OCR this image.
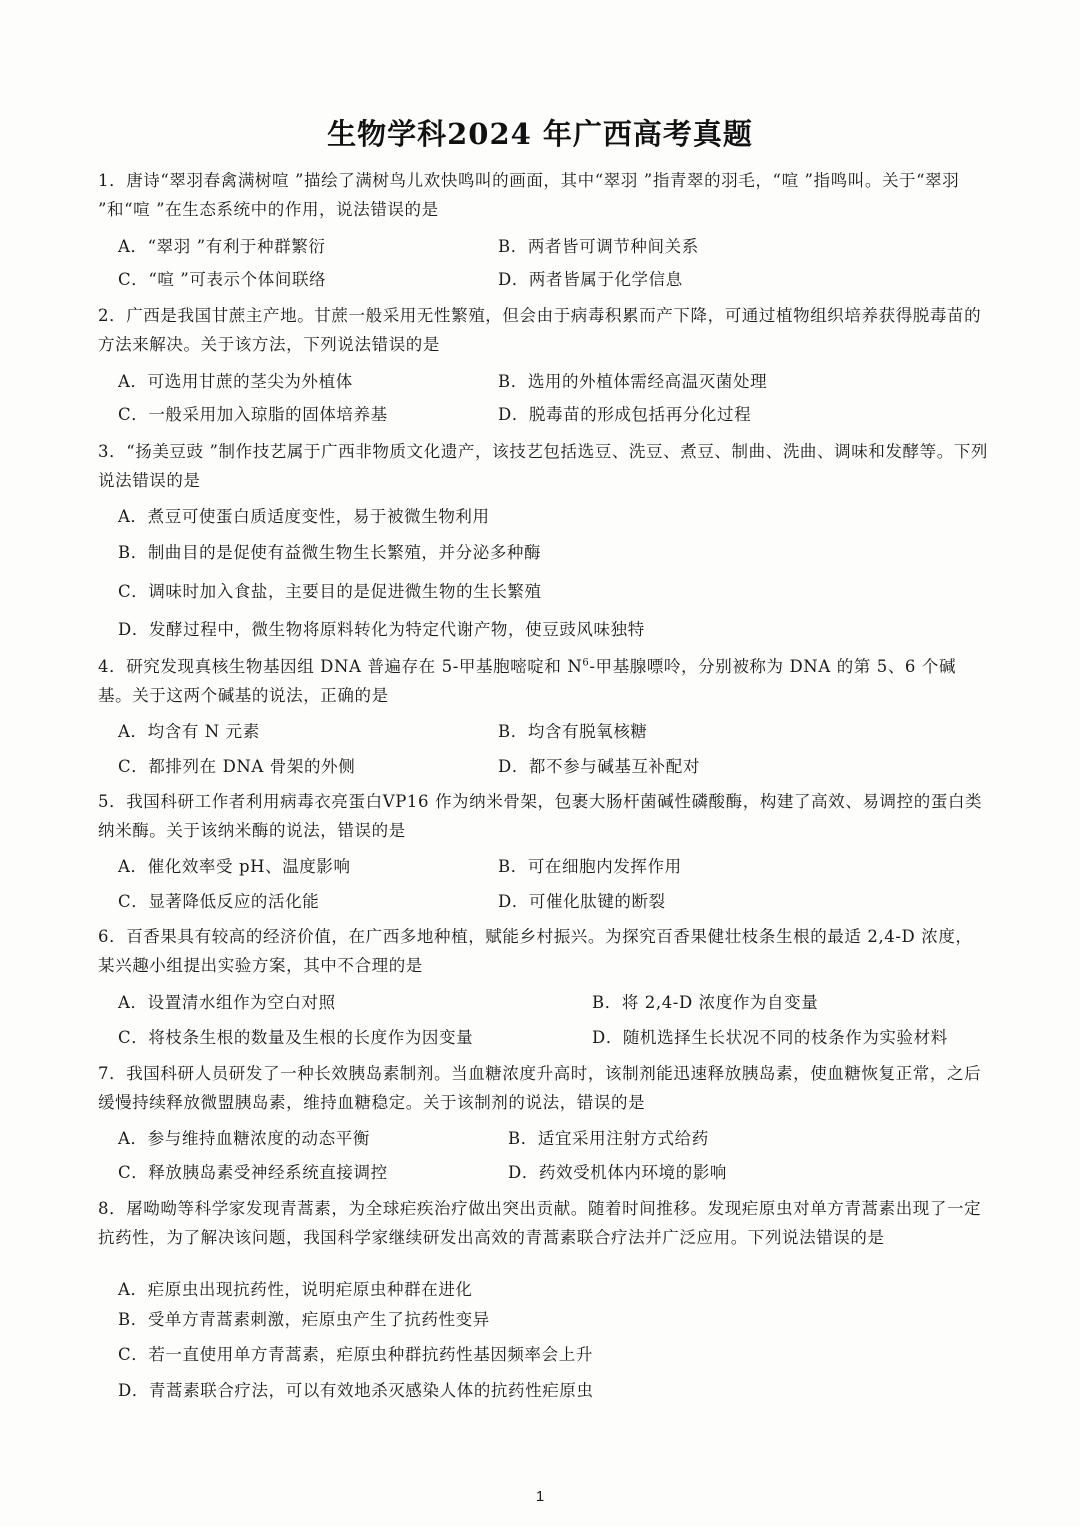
生物学科2024 年广西高考真题
1．唐诗“翠羽春禽满树喧 ”描绘了满树鸟儿欢快鸣叫的画面，其中“翠羽 ”指青翠的羽毛，“喧 ”指鸣叫。关于“翠羽 ”和“喧 ”在生态系统中的作用，说法错误的是
A．“翠羽 ”有利于种群繁衍	B．两者皆可调节种间关系
C．“喧 ”可表示个体间联络	D．两者皆属于化学信息
2．广西是我国甘蔗主产地。甘蔗一般采用无性繁殖，但会由于病毒积累而产下降，可通过植物组织培养获得脱毒苗的方法来解决。关于该方法，下列说法错误的是
A．可选用甘蔗的茎尖为外植体	B．选用的外植体需经高温灭菌处理
C．一般采用加入琼脂的固体培养基	D．脱毒苗的形成包括再分化过程
3．“扬美豆豉 ”制作技艺属于广西非物质文化遗产，该技艺包括选豆、洗豆、煮豆、制曲、洗曲、调味和发酵等。下列说法错误的是
A．煮豆可使蛋白质适度变性，易于被微生物利用
B．制曲目的是促使有益微生物生长繁殖，并分泌多种酶
C．调味时加入食盐，主要目的是促进微生物的生长繁殖
D．发酵过程中，微生物将原料转化为特定代谢产物，使豆豉风味独特
4．研究发现真核生物基因组 DNA 普遍存在 5-甲基胞嘧啶和 $N^6-$甲基腺嘌呤，分别被称为 DNA 的第 5、6 个碱基。关于这两个碱基的说法，正确的是
A．均含有 N 元素	B．均含有脱氧核糖
C．都排列在 DNA 骨架的外侧	D．都不参与碱基互补配对
5．我国科研工作者利用病毒衣亮蛋白VP16 作为纳米骨架，包裹大肠杆菌碱性磷酸酶，构建了高效、易调控的蛋白类纳米酶。关于该纳米酶的说法，错误的是
A．催化效率受 pH、温度影响	B．可在细胞内发挥作用
C．显著降低反应的活化能	D．可催化肽键的断裂
6．百香果具有较高的经济价值，在广西多地种植，赋能乡村振兴。为探究百香果健壮枝条生根的最适 2,4-D 浓度，某兴趣小组提出实验方案，其中不合理的是
A．设置清水组作为空白对照	B．将 2,4-D 浓度作为自变量
C．将枝条生根的数量及生根的长度作为因变量	D．随机选择生长状况不同的枝条作为实验材料
7．我国科研人员研发了一种长效胰岛素制剂。当血糖浓度升高时，该制剂能迅速释放胰岛素，使血糖恢复正常，之后缓慢持续释放微盟胰岛素，维持血糖稳定。关于该制剂的说法，错误的是
A．参与维持血糖浓度的动态平衡	B．适宜采用注射方式给药
C．释放胰岛素受神经系统直接调控	D．药效受机体内环境的影响
8．屠呦呦等科学家发现青蒿素，为全球疟疾治疗做出突出贡献。随着时间推移。发现疟原虫对单方青蒿素出现了一定抗药性，为了解决该问题，我国科学家继续研发出高效的青蒿素联合疗法并广泛应用。下列说法错误的是
A．疟原虫出现抗药性，说明疟原虫种群在进化
B．受单方青蒿素刺激，疟原虫产生了抗药性变异
C．若一直使用单方青蒿素，疟原虫种群抗药性基因频率会上升
D．青蒿素联合疗法，可以有效地杀灭感染人体的抗药性疟原虫
1
